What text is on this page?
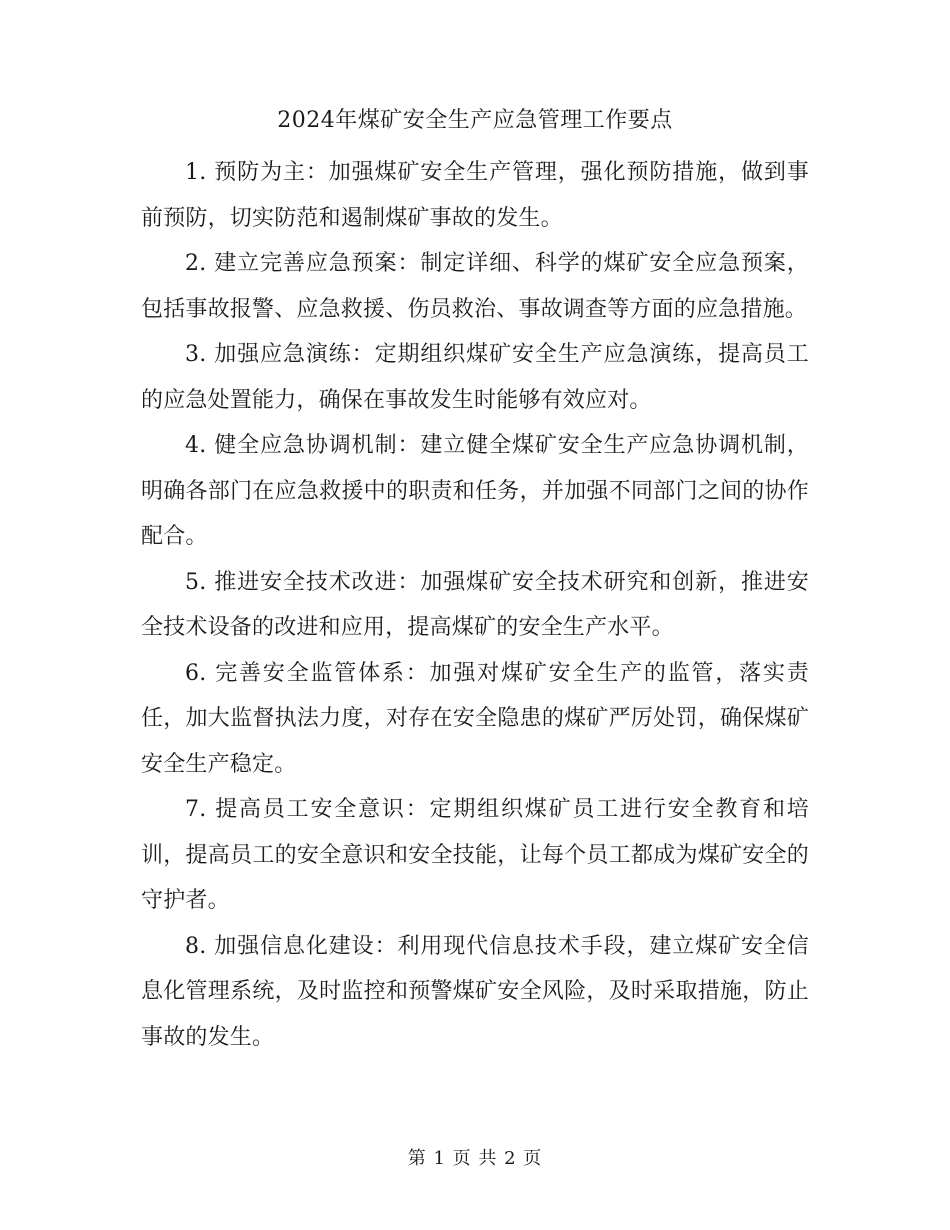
2024年煤矿安全生产应急管理工作要点

1. 预防为主：加强煤矿安全生产管理，强化预防措施，做到事前预防，切实防范和遏制煤矿事故的发生。

2. 建立完善应急预案：制定详细、科学的煤矿安全应急预案，包括事故报警、应急救援、伤员救治、事故调查等方面的应急措施。

3. 加强应急演练：定期组织煤矿安全生产应急演练，提高员工的应急处置能力，确保在事故发生时能够有效应对。

4. 健全应急协调机制：建立健全煤矿安全生产应急协调机制，明确各部门在应急救援中的职责和任务，并加强不同部门之间的协作配合。

5. 推进安全技术改进：加强煤矿安全技术研究和创新，推进安全技术设备的改进和应用，提高煤矿的安全生产水平。

6. 完善安全监管体系：加强对煤矿安全生产的监管，落实责任，加大监督执法力度，对存在安全隐患的煤矿严厉处罚，确保煤矿安全生产稳定。

7. 提高员工安全意识：定期组织煤矿员工进行安全教育和培训，提高员工的安全意识和安全技能，让每个员工都成为煤矿安全的守护者。

8. 加强信息化建设：利用现代信息技术手段，建立煤矿安全信息化管理系统，及时监控和预警煤矿安全风险，及时采取措施，防止事故的发生。

第 1 页 共 2 页
